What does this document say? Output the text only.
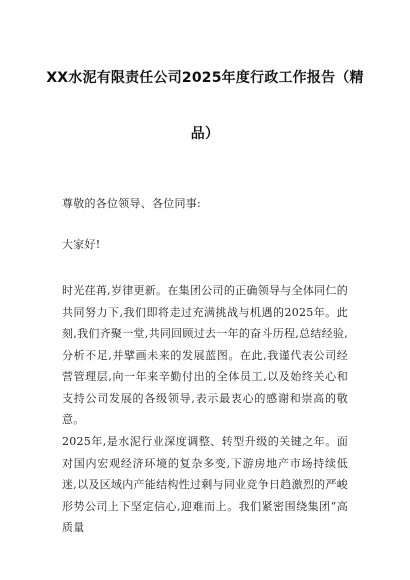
XX水泥有限责任公司2025年度行政工作报告（精
品）

尊敬的各位领导、各位同事:

大家好!

时光荏苒,岁律更新。在集团公司的正确领导与全体同仁的共同努力下,我们即将走过充满挑战与机遇的2025年。此刻,我们齐聚一堂,共同回顾过去一年的奋斗历程,总结经验,分析不足,并擘画未来的发展蓝图。在此,我谨代表公司经营管理层,向一年来辛勤付出的全体员工,以及始终关心和支持公司发展的各级领导,表示最衷心的感谢和崇高的敬意。

2025年,是水泥行业深度调整、转型升级的关键之年。面对国内宏观经济环境的复杂多变,下游房地产市场持续低迷,以及区域内产能结构性过剩与同业竞争日趋激烈的严峻形势公司上下坚定信心,迎难而上。我们紧密围绕集团“高质量
